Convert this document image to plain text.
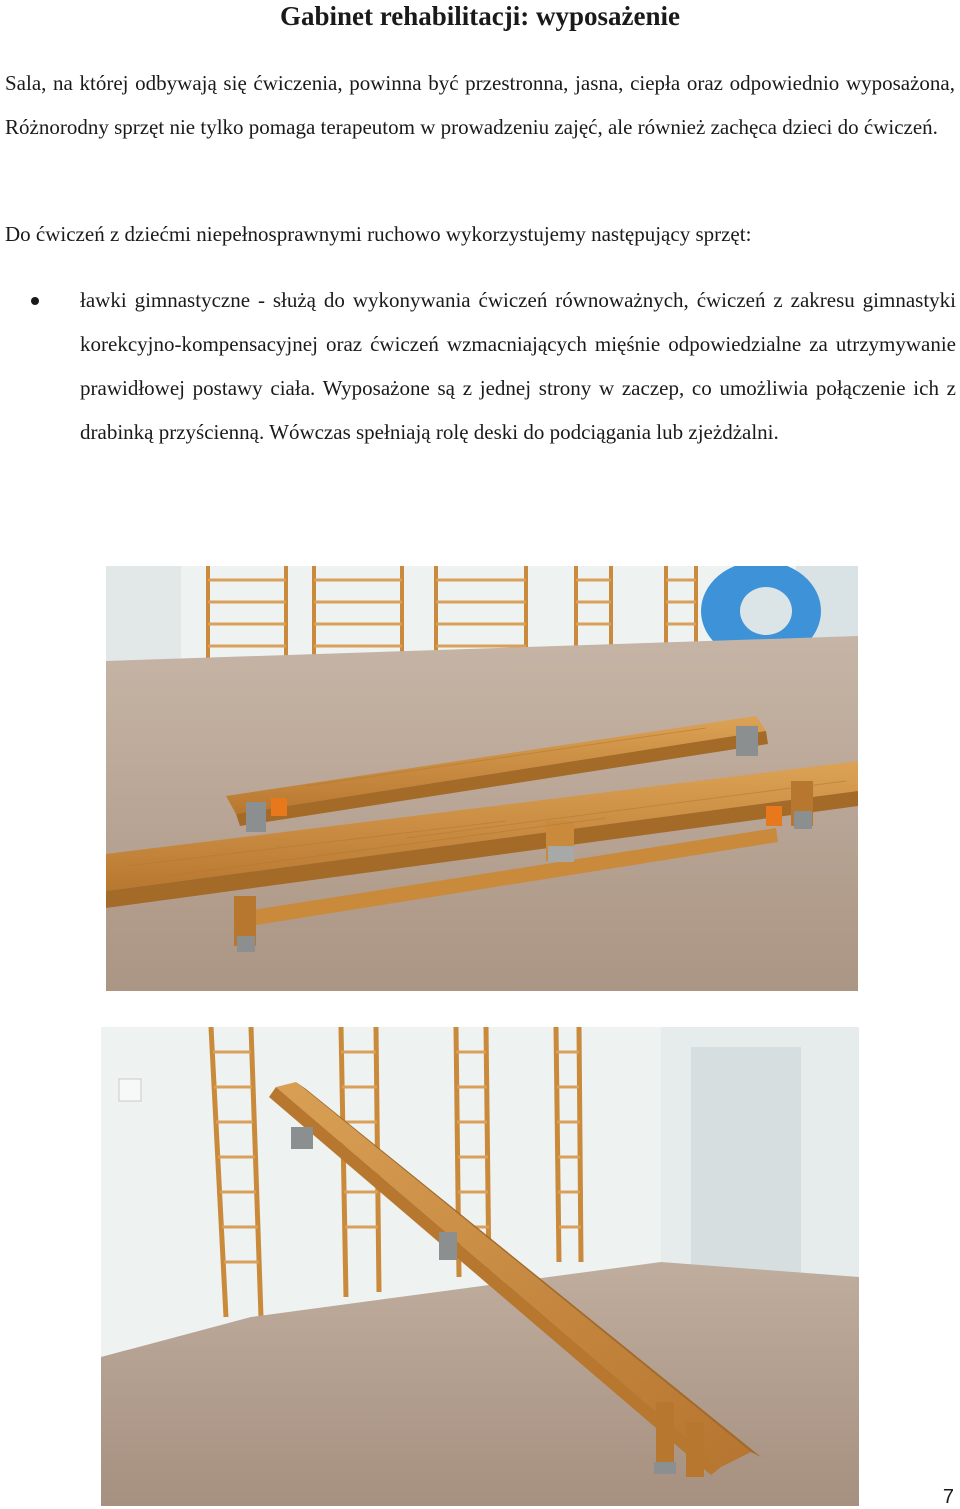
Gabinet rehabilitacji: wyposażenie

Sala, na której odbywają się ćwiczenia, powinna być przestronna, jasna, ciepła oraz odpowiednio wyposażona, Różnorodny sprzęt nie tylko pomaga terapeutom w prowadzeniu zajęć, ale również zachęca dzieci do ćwiczeń.

Do ćwiczeń z dziećmi niepełnosprawnymi ruchowo wykorzystujemy następujący sprzęt:

ławki gimnastyczne - służą do wykonywania ćwiczeń równoważnych, ćwiczeń z zakresu gimnastyki korekcyjno-kompensacyjnej oraz ćwiczeń wzmacniających mięśnie odpowiedzialne za utrzymywanie prawidłowej postawy ciała. Wyposażone są z jednej strony w zaczep, co umożliwia połączenie ich z drabinką przyścienną. Wówczas spełniają rolę deski do podciągania lub zjeżdżalni.

7
